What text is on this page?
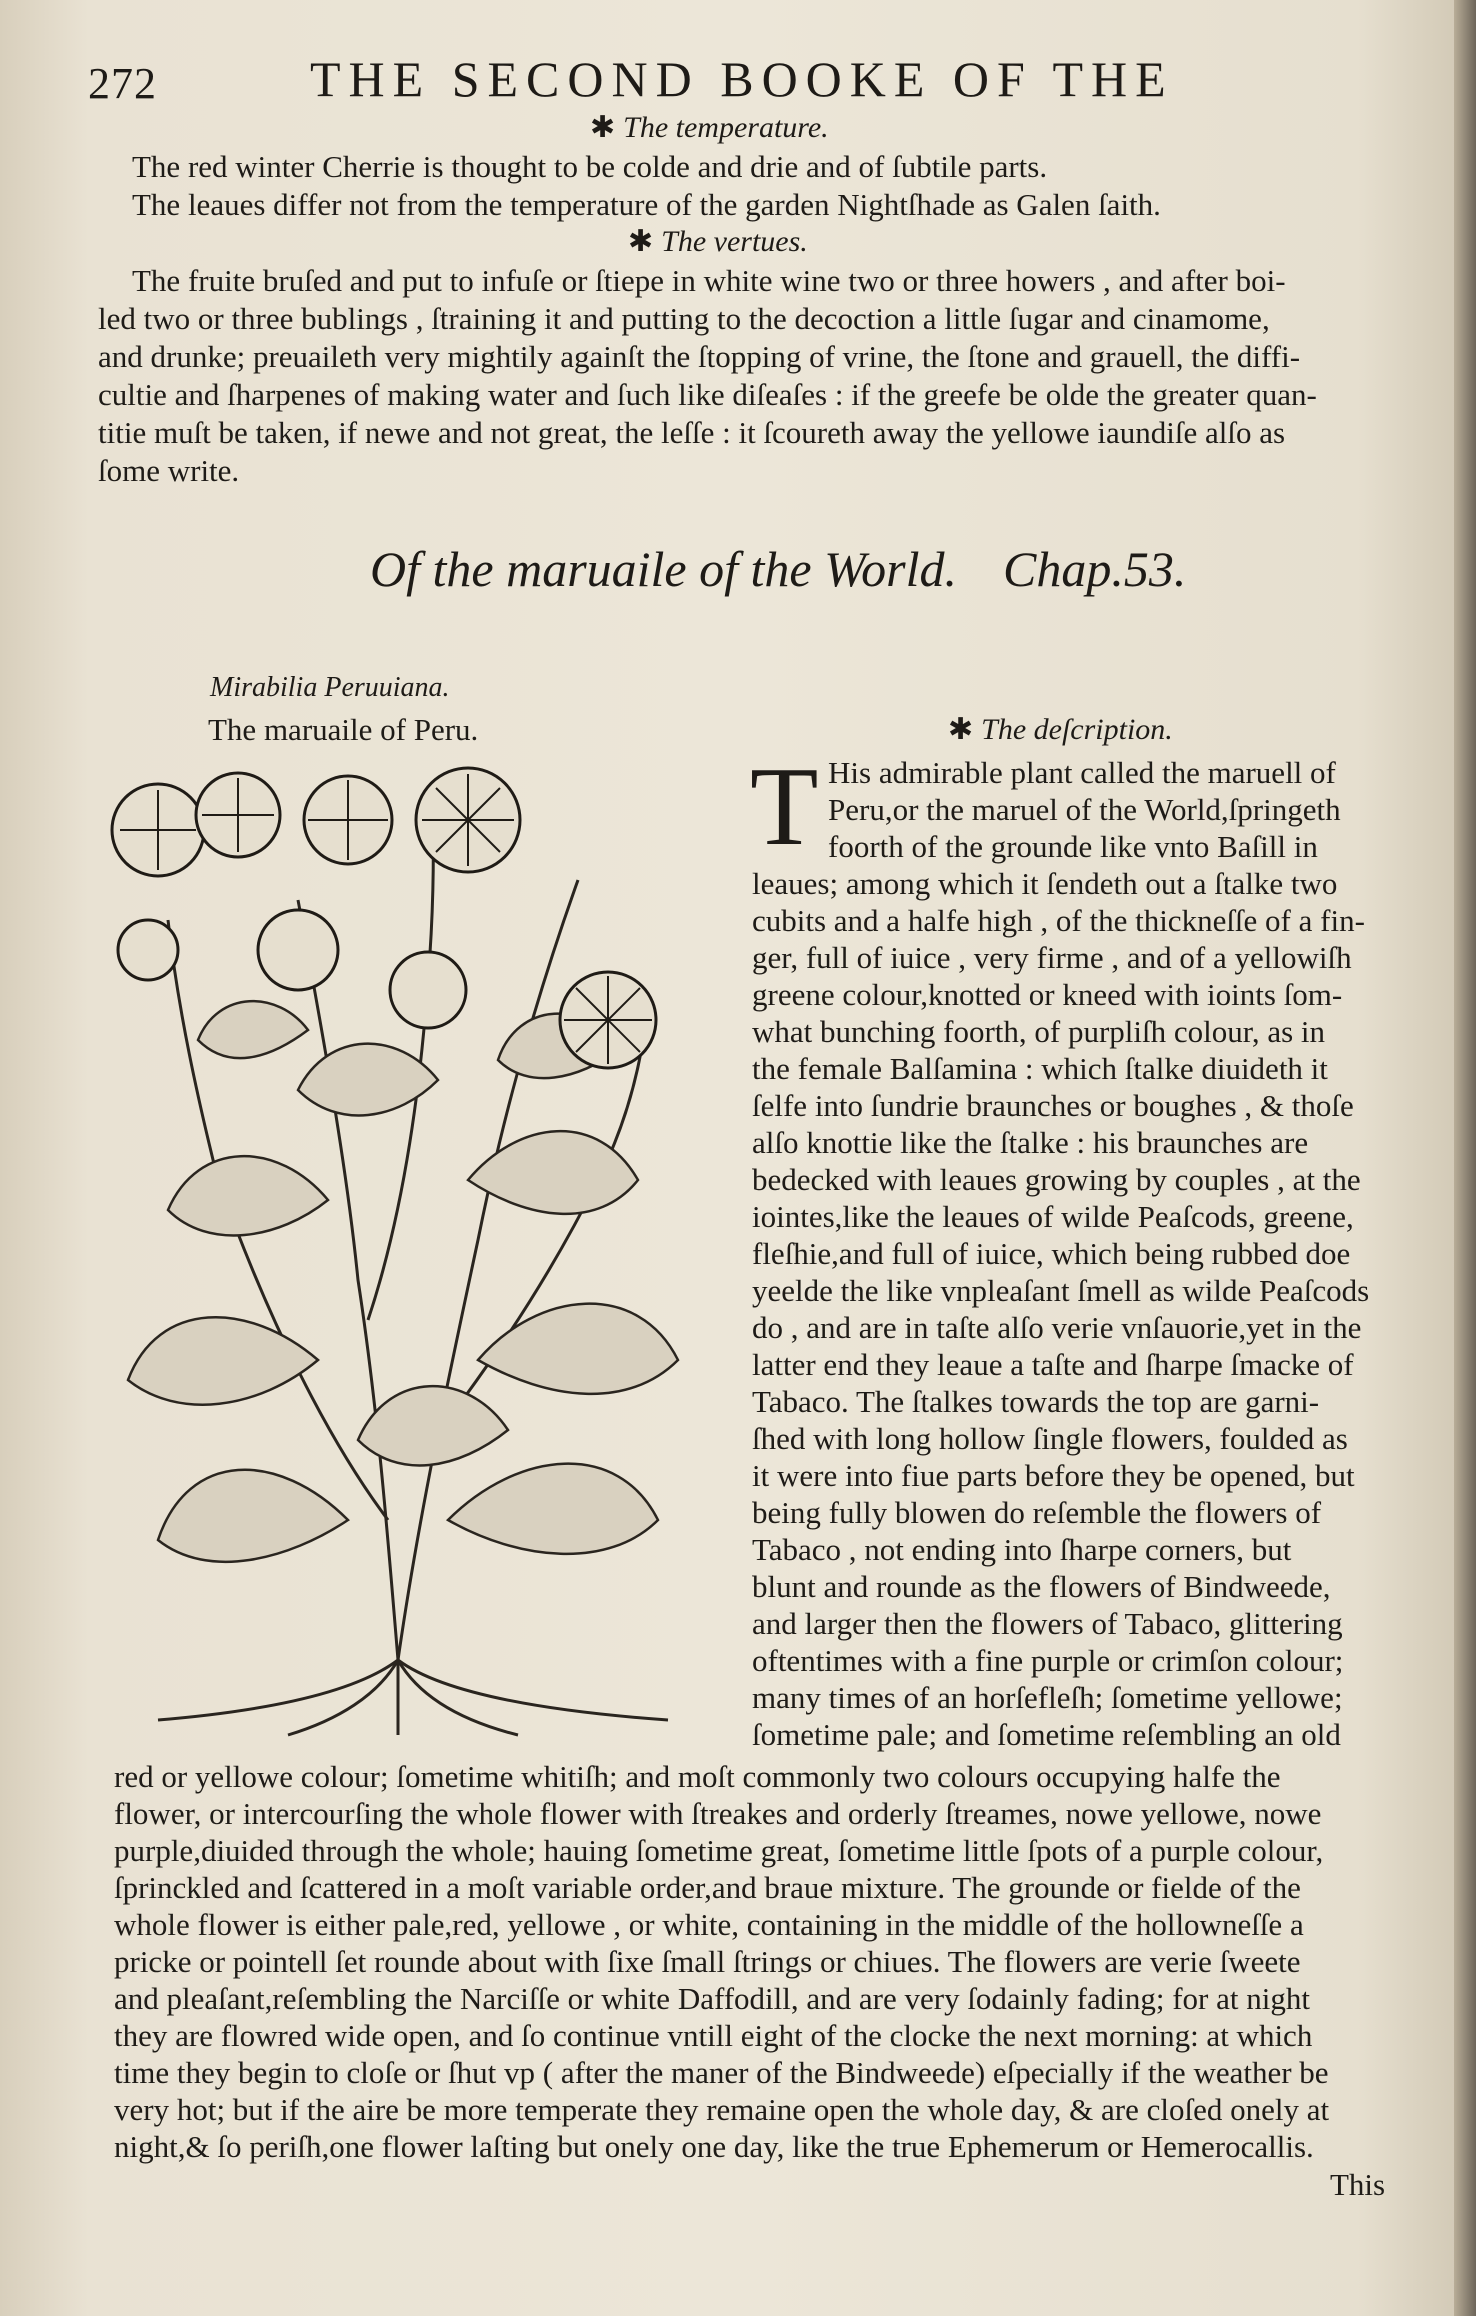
272	THE SECOND BOOKE OF THE
✱ The temperature.
The red winter Cherrie is thought to be colde and drie and of ſubtile parts.
The leaues differ not from the temperature of the garden Nightſhade as Galen ſaith.
✱ The vertues.
The fruite bruſed and put to infuſe or ſtiepe in white wine two or three howers , and after boi-
led two or three bublings , ſtraining it and putting to the decoction a little ſugar and cinamome,
and drunke; preuaileth very mightily againſt the ſtopping of vrine, the ſtone and grauell, the diffi-
cultie and ſharpenes of making water and ſuch like diſeaſes : if the greefe be olde the greater quan-
titie muſt be taken, if newe and not great, the leſſe : it ſcoureth away the yellowe iaundiſe alſo as
ſome write.
Of the maruaile of the World. Chap.53.
Mirabilia Peruuiana.
The maruaile of Peru.	✱ The deſcription.
T His admirable plant called the maruell of
Peru,or the maruel of the World,ſpringeth
foorth of the grounde like vnto Baſill in
leaues; among which it ſendeth out a ſtalke two
cubits and a halfe high , of the thickneſſe of a fin-
ger, full of iuice , very firme , and of a yellowiſh
greene colour,knotted or kneed with ioints ſom-
what bunching foorth, of purpliſh colour, as in
the female Balſamina : which ſtalke diuideth it
ſelfe into ſundrie braunches or boughes , & thoſe
alſo knottie like the ſtalke : his braunches are
bedecked with leaues growing by couples , at the
iointes,like the leaues of wilde Peaſcods, greene,
fleſhie,and full of iuice, which being rubbed doe
yeelde the like vnpleaſant ſmell as wilde Peaſcods
do , and are in taſte alſo verie vnſauorie,yet in the
latter end they leaue a taſte and ſharpe ſmacke of
Tabaco. The ſtalkes towards the top are garni-
ſhed with long hollow ſingle flowers, foulded as
it were into fiue parts before they be opened, but
being fully blowen do reſemble the flowers of
Tabaco , not ending into ſharpe corners, but
blunt and rounde as the flowers of Bindweede,
and larger then the flowers of Tabaco, glittering
oftentimes with a fine purple or crimſon colour;
many times of an horſefleſh; ſometime yellowe;
ſometime pale; and ſometime reſembling an old
red or yellowe colour; ſometime whitiſh; and moſt commonly two colours occupying halfe the
flower, or intercourſing the whole flower with ſtreakes and orderly ſtreames, nowe yellowe, nowe
purple,diuided through the whole; hauing ſometime great, ſometime little ſpots of a purple colour,
ſprinckled and ſcattered in a moſt variable order,and braue mixture. The grounde or fielde of the
whole flower is either pale,red, yellowe , or white, containing in the middle of the hollowneſſe a
pricke or pointell ſet rounde about with ſixe ſmall ſtrings or chiues. The flowers are verie ſweete
and pleaſant,reſembling the Narciſſe or white Daffodill, and are very ſodainly fading; for at night
they are flowred wide open, and ſo continue vntill eight of the clocke the next morning: at which
time they begin to cloſe or ſhut vp ( after the maner of the Bindweede) eſpecially if the weather be
very hot; but if the aire be more temperate they remaine open the whole day, & are cloſed onely at
night,& ſo periſh,one flower laſting but onely one day, like the true Ephemerum or Hemerocallis.
This
